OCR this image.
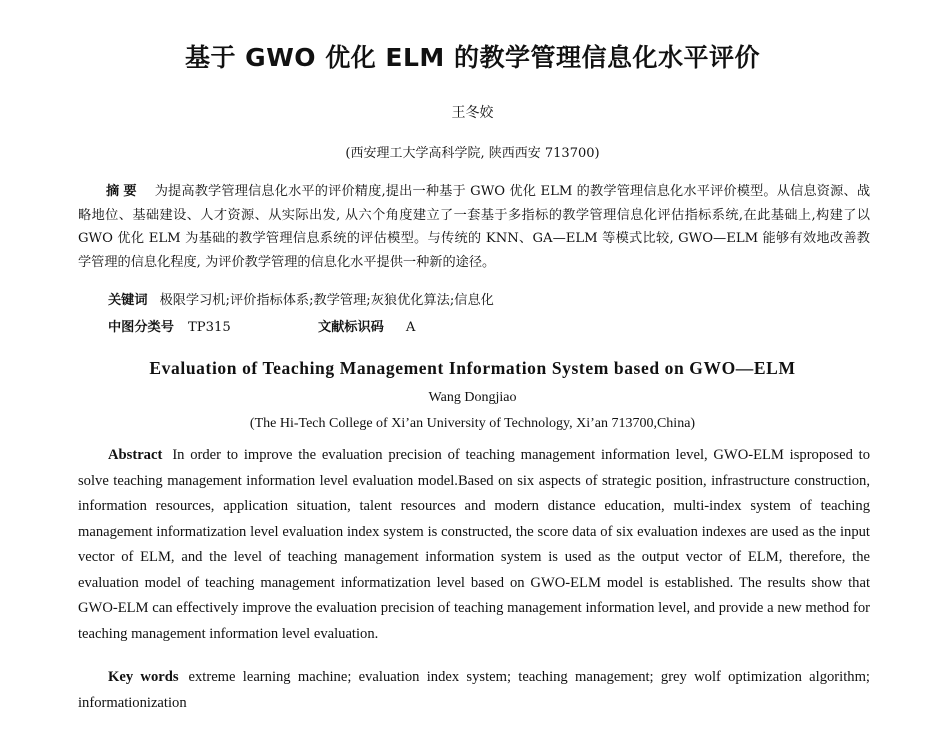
基于 GWO 优化 ELM 的教学管理信息化水平评价
王冬姣
(西安理工大学高科学院, 陕西西安 713700)
摘要 为提高教学管理信息化水平的评价精度,提出一种基于 GWO 优化 ELM 的教学管理信息化水平评价模型。从信息资源、战略地位、基础建设、人才资源、从实际出发, 从六个角度建立了一套基于多指标的教学管理信息化评估指标系统,在此基础上,构建了以 GWO 优化 ELM 为基础的教学管理信息系统的评估模型。与传统的 KNN、GA—ELM 等模式比较, GWO—ELM 能够有效地改善教学管理的信息化程度, 为评价教学管理的信息化水平提供一种新的途径。
关键词 极限学习机;评价指标体系;教学管理;灰狼优化算法;信息化
中图分类号 TP315	文献标识码 A
Evaluation of Teaching Management Information System based on GWO—ELM
Wang Dongjiao
(The Hi-Tech College of Xi’an University of Technology, Xi’an 713700,China)
Abstract In order to improve the evaluation precision of teaching management information level, GWO-ELM isproposed to solve teaching management information level evaluation model.Based on six aspects of strategic position, infrastructure construction, information resources, application situation, talent resources and modern distance education, multi-index system of teaching management informatization level evaluation index system is constructed, the score data of six evaluation indexes are used as the input vector of ELM, and the level of teaching management information system is used as the output vector of ELM, therefore, the evaluation model of teaching management informatization level based on GWO-ELM model is established. The results show that GWO-ELM can effectively improve the evaluation precision of teaching management information level, and provide a new method for teaching management information level evaluation.
Key words extreme learning machine; evaluation index system; teaching management; grey wolf optimization algorithm; informationization
